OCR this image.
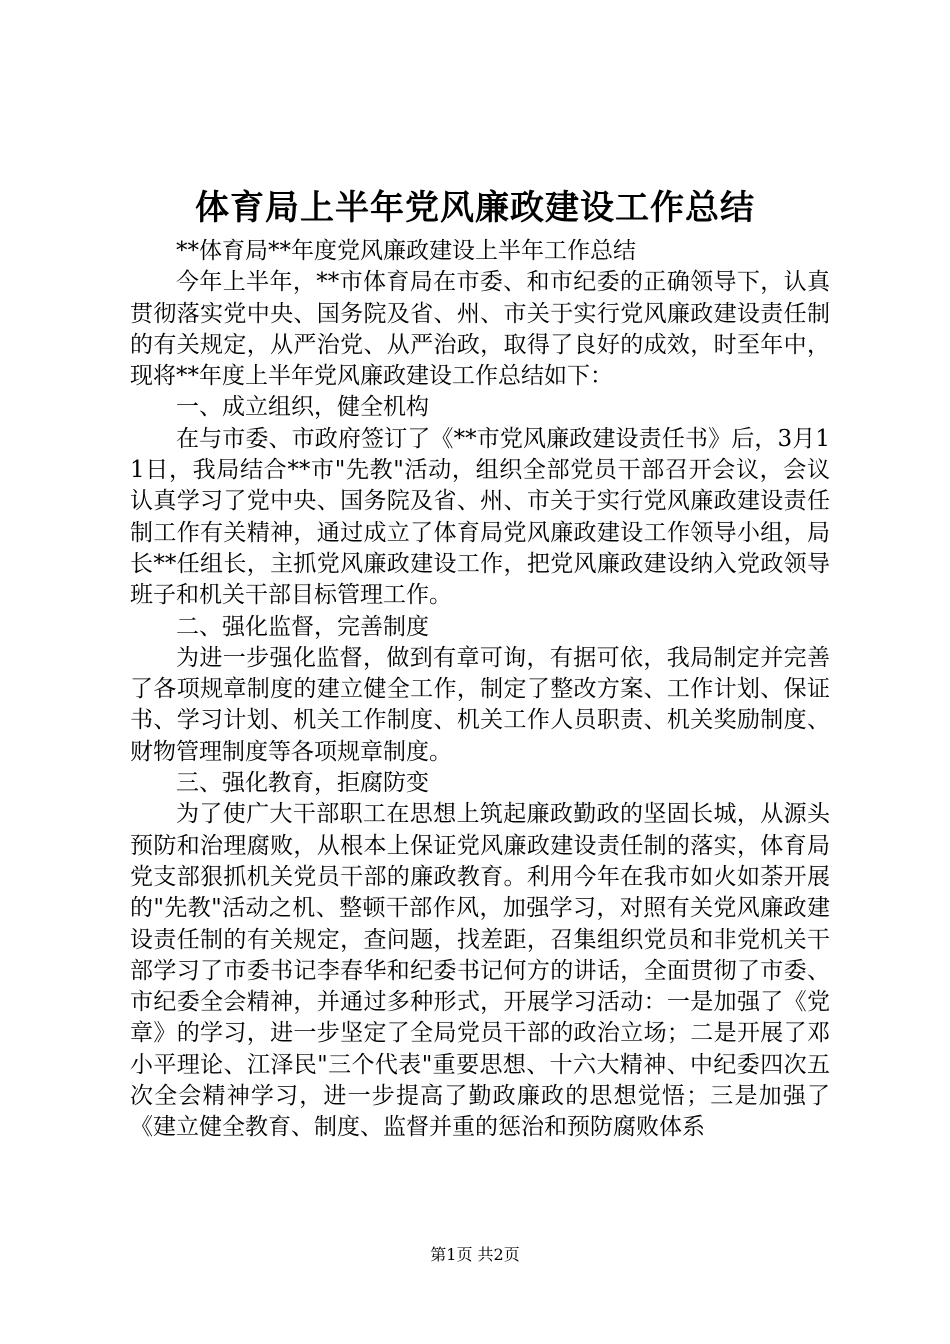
体育局上半年党风廉政建设工作总结

**体育局**年度党风廉政建设上半年工作总结

今年上半年，**市体育局在市委、和市纪委的正确领导下，认真贯彻落实党中央、国务院及省、州、市关于实行党风廉政建设责任制的有关规定，从严治党、从严治政，取得了良好的成效，时至年中，现将**年度上半年党风廉政建设工作总结如下：

一、成立组织，健全机构

在与市委、市政府签订了《**市党风廉政建设责任书》后，3月11日，我局结合**市"先教"活动，组织全部党员干部召开会议，会议认真学习了党中央、国务院及省、州、市关于实行党风廉政建设责任制工作有关精神，通过成立了体育局党风廉政建设工作领导小组，局长**任组长，主抓党风廉政建设工作，把党风廉政建设纳入党政领导班子和机关干部目标管理工作。

二、强化监督，完善制度

为进一步强化监督，做到有章可询，有据可依，我局制定并完善了各项规章制度的建立健全工作，制定了整改方案、工作计划、保证书、学习计划、机关工作制度、机关工作人员职责、机关奖励制度、财物管理制度等各项规章制度。

三、强化教育，拒腐防变

为了使广大干部职工在思想上筑起廉政勤政的坚固长城，从源头预防和治理腐败，从根本上保证党风廉政建设责任制的落实，体育局党支部狠抓机关党员干部的廉政教育。利用今年在我市如火如荼开展的"先教"活动之机、整顿干部作风，加强学习，对照有关党风廉政建设责任制的有关规定，查问题，找差距，召集组织党员和非党机关干部学习了市委书记李春华和纪委书记何方的讲话，全面贯彻了市委、市纪委全会精神，并通过多种形式，开展学习活动：一是加强了《党章》的学习，进一步坚定了全局党员干部的政治立场；二是开展了邓小平理论、江泽民"三个代表"重要思想、十六大精神、中纪委四次五次全会精神学习，进一步提高了勤政廉政的思想觉悟；三是加强了《建立健全教育、制度、监督并重的惩治和预防腐败体系

第1页 共2页
